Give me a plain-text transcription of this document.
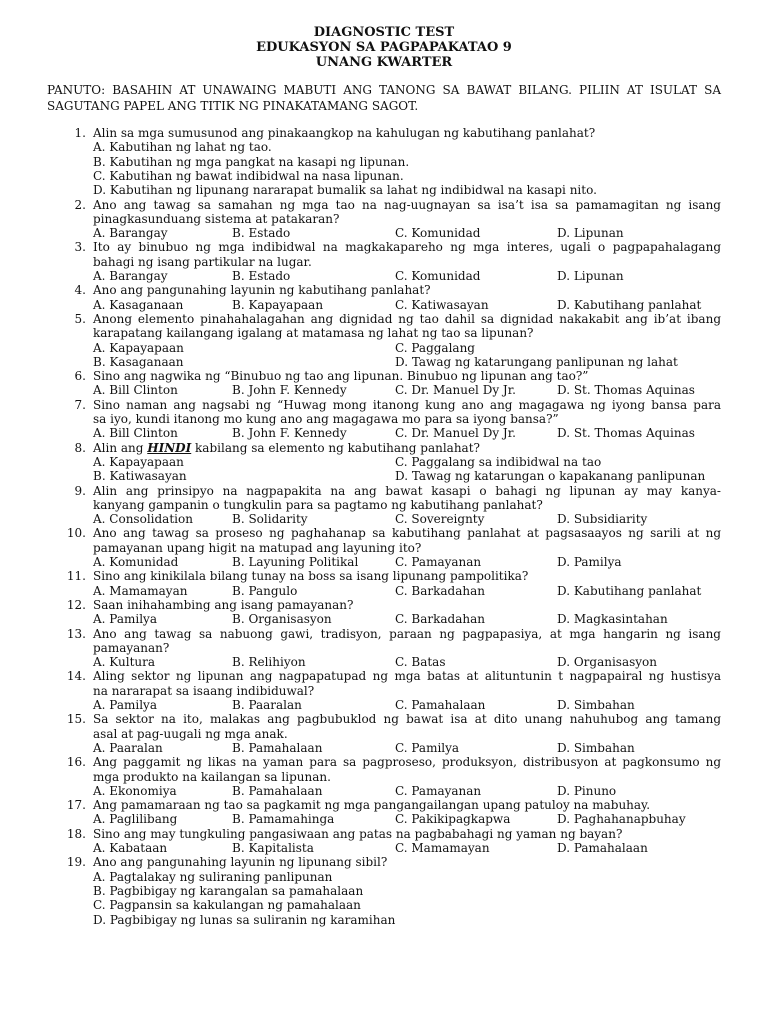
DIAGNOSTIC TEST
EDUKASYON SA PAGPAPAKATAO 9
UNANG KWARTER
PANUTO: BASAHIN AT UNAWAING MABUTI ANG TANONG SA BAWAT BILANG. PILIIN AT ISULAT SA
SAGUTANG PAPEL ANG TITIK NG PINAKATAMANG SAGOT.
1. Alin sa mga sumusunod ang pinakaangkop na kahulugan ng kabutihang panlahat?
A. Kabutihan ng lahat ng tao.
B. Kabutihan ng mga pangkat na kasapi ng lipunan.
C. Kabutihan ng bawat indibidwal na nasa lipunan.
D. Kabutihan ng lipunang nararapat bumalik sa lahat ng indibidwal na kasapi nito.
2. Ano ang tawag sa samahan ng mga tao na nag-uugnayan sa isa’t isa sa pamamagitan ng isang
pinagkasunduang sistema at patakaran?
A. Barangay	B. Estado	C. Komunidad	D. Lipunan
3. Ito ay binubuo ng mga indibidwal na magkakapareho ng mga interes, ugali o pagpapahalagang
bahagi ng isang partikular na lugar.
A. Barangay	B. Estado	C. Komunidad	D. Lipunan
4. Ano ang pangunahing layunin ng kabutihang panlahat?
A. Kasaganaan	B. Kapayapaan	C. Katiwasayan	D. Kabutihang panlahat
5. Anong elemento pinahahalagahan ang dignidad ng tao dahil sa dignidad nakakabit ang ib’at ibang
karapatang kailangang igalang at matamasa ng lahat ng tao sa lipunan?
A. Kapayapaan	C. Paggalang
B. Kasaganaan	D. Tawag ng katarungang panlipunan ng lahat
6. Sino ang nagwika ng “Binubuo ng tao ang lipunan. Binubuo ng lipunan ang tao?”
A. Bill Clinton	B. John F. Kennedy	C. Dr. Manuel Dy Jr.	D. St. Thomas Aquinas
7. Sino naman ang nagsabi ng “Huwag mong itanong kung ano ang magagawa ng iyong bansa para
sa iyo, kundi itanong mo kung ano ang magagawa mo para sa iyong bansa?”
A. Bill Clinton	B. John F. Kennedy	C. Dr. Manuel Dy Jr.	D. St. Thomas Aquinas
8. Alin ang HINDI kabilang sa elemento ng kabutihang panlahat?
A. Kapayapaan	C. Paggalang sa indibidwal na tao
B. Katiwasayan	D. Tawag ng katarungan o kapakanang panlipunan
9. Alin ang prinsipyo na nagpapakita na ang bawat kasapi o bahagi ng lipunan ay may kanya-
kanyang gampanin o tungkulin para sa pagtamo ng kabutihang panlahat?
A. Consolidation	B. Solidarity	C. Sovereignty	D. Subsidiarity
10. Ano ang tawag sa proseso ng paghahanap sa kabutihang panlahat at pagsasaayos ng sarili at ng
pamayanan upang higit na matupad ang layuning ito?
A. Komunidad	B. Layuning Politikal	C. Pamayanan	D. Pamilya
11. Sino ang kinikilala bilang tunay na boss sa isang lipunang pampolitika?
A. Mamamayan	B. Pangulo	C. Barkadahan	D. Kabutihang panlahat
12. Saan inihahambing ang isang pamayanan?
A. Pamilya	B. Organisasyon	C. Barkadahan	D. Magkasintahan
13. Ano ang tawag sa nabuong gawi, tradisyon, paraan ng pagpapasiya, at mga hangarin ng isang
pamayanan?
A. Kultura	B. Relihiyon	C. Batas	D. Organisasyon
14. Aling sektor ng lipunan ang nagpapatupad ng mga batas at alituntunin t nagpapairal ng hustisya
na nararapat sa isaang indibiduwal?
A. Pamilya	B. Paaralan	C. Pamahalaan	D. Simbahan
15. Sa sektor na ito, malakas ang pagbubuklod ng bawat isa at dito unang nahuhubog ang tamang
asal at pag-uugali ng mga anak.
A. Paaralan	B. Pamahalaan	C. Pamilya	D. Simbahan
16. Ang paggamit ng likas na yaman para sa pagproseso, produksyon, distribusyon at pagkonsumo ng
mga produkto na kailangan sa lipunan.
A. Ekonomiya	B. Pamahalaan	C. Pamayanan	D. Pinuno
17. Ang pamamaraan ng tao sa pagkamit ng mga pangangailangan upang patuloy na mabuhay.
A. Paglilibang	B. Pamamahinga	C. Pakikipagkapwa	D. Paghahanapbuhay
18. Sino ang may tungkuling pangasiwaan ang patas na pagbabahagi ng yaman ng bayan?
A. Kabataan	B. Kapitalista	C. Mamamayan	D. Pamahalaan
19. Ano ang pangunahing layunin ng lipunang sibil?
A. Pagtalakay ng suliraning panlipunan
B. Pagbibigay ng karangalan sa pamahalaan
C. Pagpansin sa kakulangan ng pamahalaan
D. Pagbibigay ng lunas sa suliranin ng karamihan
